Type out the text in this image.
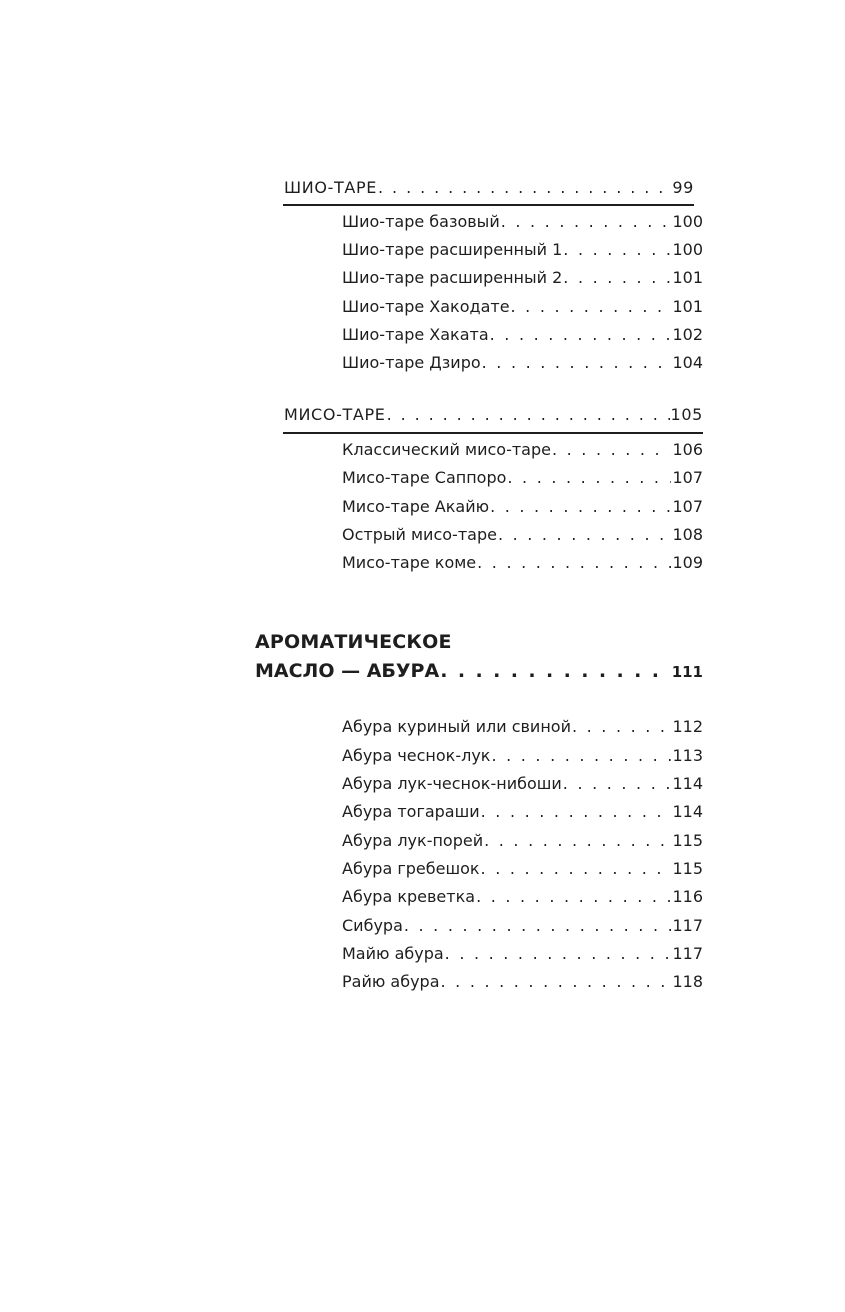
ШИО-ТАРЕ . . .	99
Шио-таре базовый . . .	100
Шио-таре расширенный 1 . . .	100
Шио-таре расширенный 2 . . .	101
Шио-таре Хакодате . . .	101
Шио-таре Хаката . . .	102
Шио-таре Дзиро . . .	104
МИСО-ТАРЕ . . .	105
Классический мисо-таре . . .	106
Мисо-таре Саппоро . . .	107
Мисо-таре Акайю . . .	107
Острый мисо-таре . . .	108
Мисо-таре коме . . .	109
АРОМАТИЧЕСКОЕ
МАСЛО — АБУРА . . .	111
Абура куриный или свиной . . .	112
Абура чеснок-лук . . .	113
Абура лук-чеснок-нибоши . . .	114
Абура тогараши . . .	114
Абура лук-порей . . .	115
Абура гребешок . . .	115
Абура креветка . . .	116
Сибура . . .	117
Майю абура . . .	117
Райю абура . . .	118
